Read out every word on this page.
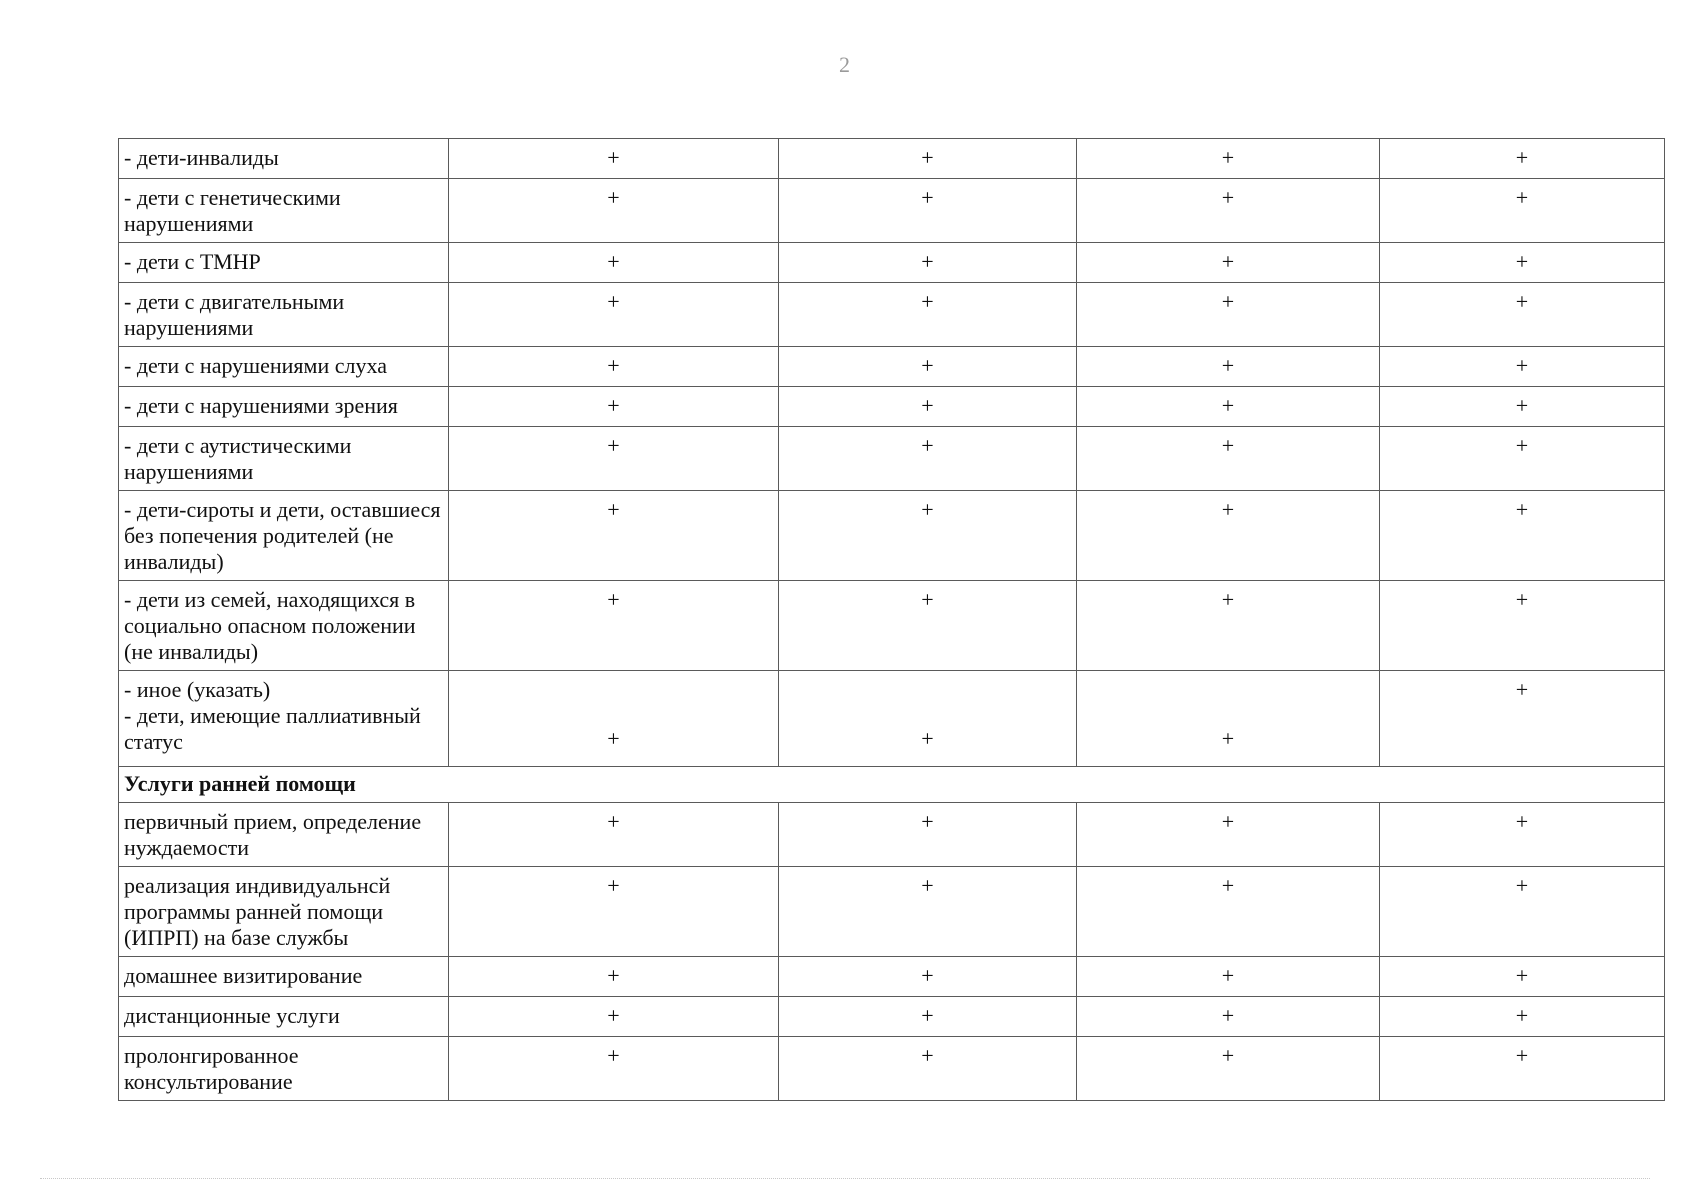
2
- дети-инвалиды	+	+	+	+
- дети с генетическими нарушениями	+	+	+	+
- дети с ТМНР	+	+	+	+
- дети с двигательными нарушениями	+	+	+	+
- дети с нарушениями слуха	+	+	+	+
- дети с нарушениями зрения	+	+	+	+
- дети с аутистическими нарушениями	+	+	+	+
- дети-сироты и дети, оставшиеся без попечения родителей (не инвалиды)	+	+	+	+
- дети из семей, находящихся в социально опасном положении (не инвалиды)	+	+	+	+
- иное (указать)
- дети, имеющие паллиативный статус	+	+	+	+
Услуги ранней помощи				
первичный прием, определение нуждаемости	+	+	+	+
реализация индивидуальнсй программы ранней помощи (ИПРП) на базе службы	+	+	+	+
домашнее визитирование	+	+	+	+
дистанционные услуги	+	+	+	+
пролонгированное консультирование	+	+	+	+
